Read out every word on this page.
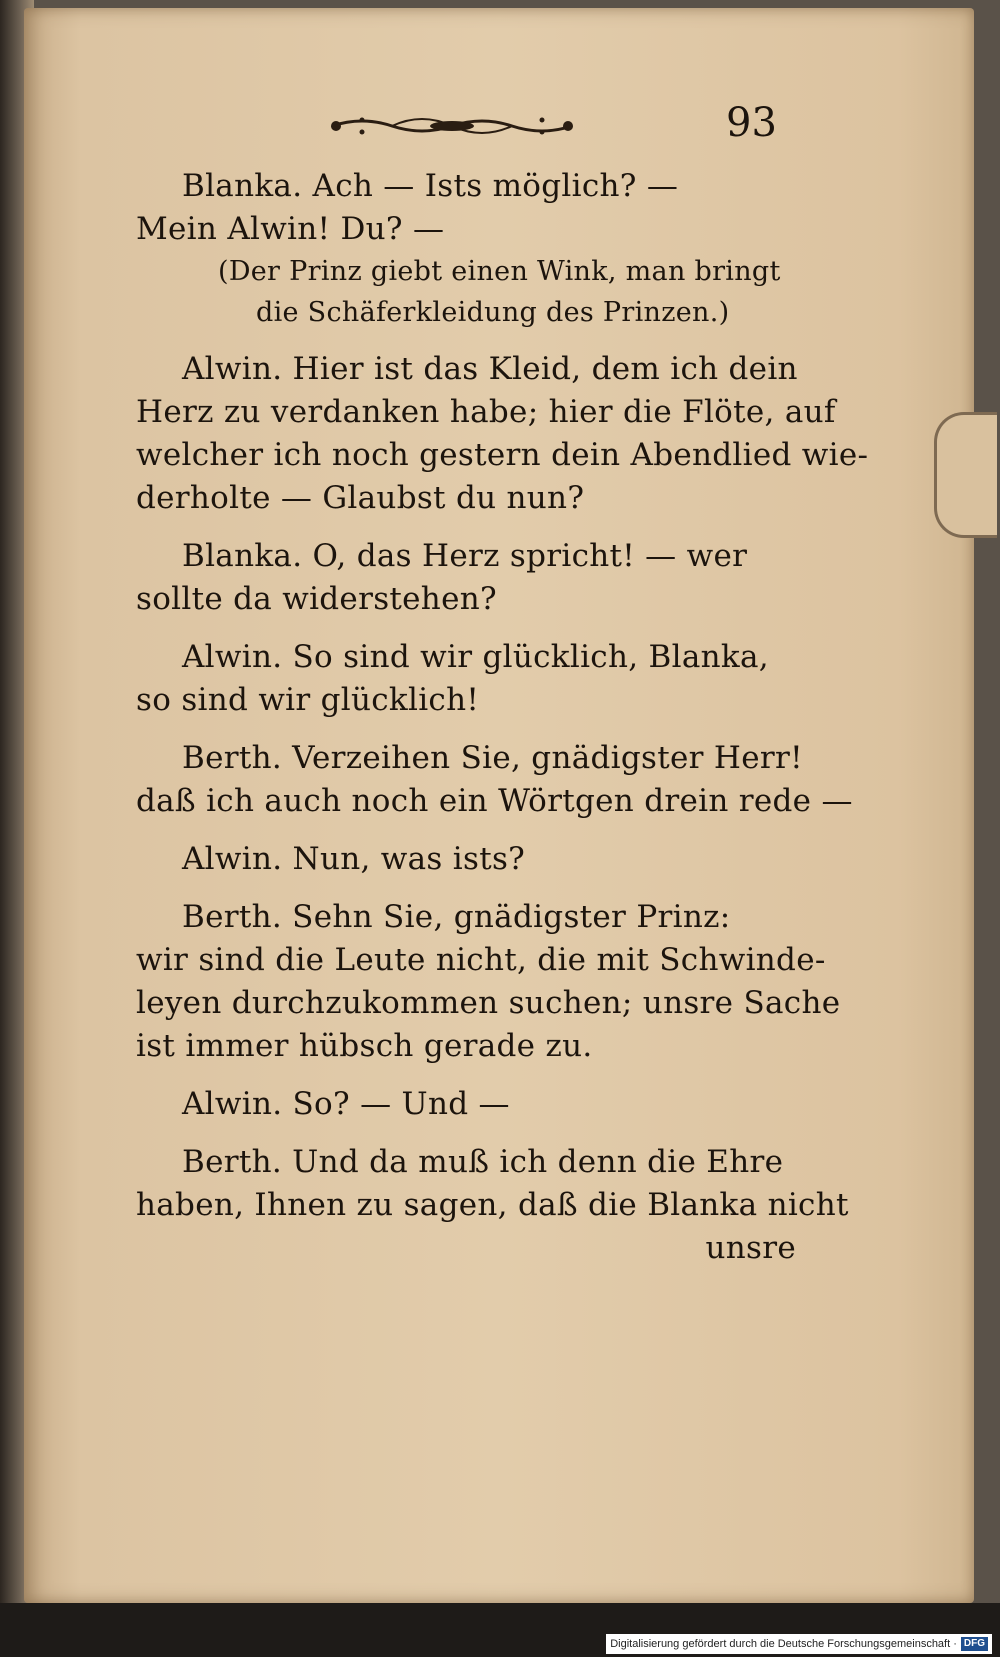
93
Blanka. Ach — Ists möglich? —
Mein Alwin! Du? —
(Der Prinz giebt einen Wink, man bringt
die Schäferkleidung des Prinzen.)
Alwin. Hier ist das Kleid, dem ich dein
Herz zu verdanken habe; hier die Flöte, auf
welcher ich noch gestern dein Abendlied wie-
derholte — Glaubst du nun?
Blanka. O, das Herz spricht! — wer
sollte da widerstehen?
Alwin. So sind wir glücklich, Blanka,
so sind wir glücklich!
Berth. Verzeihen Sie, gnädigster Herr!
daß ich auch noch ein Wörtgen drein rede —
Alwin. Nun, was ists?
Berth. Sehn Sie, gnädigster Prinz:
wir sind die Leute nicht, die mit Schwinde-
leyen durchzukommen suchen; unsre Sache
ist immer hübsch gerade zu.
Alwin. So? — Und —
Berth. Und da muß ich denn die Ehre
haben, Ihnen zu sagen, daß die Blanka nicht
unsre
Digitalisierung gefördert durch die Deutsche Forschungsgemeinschaft · DFG
